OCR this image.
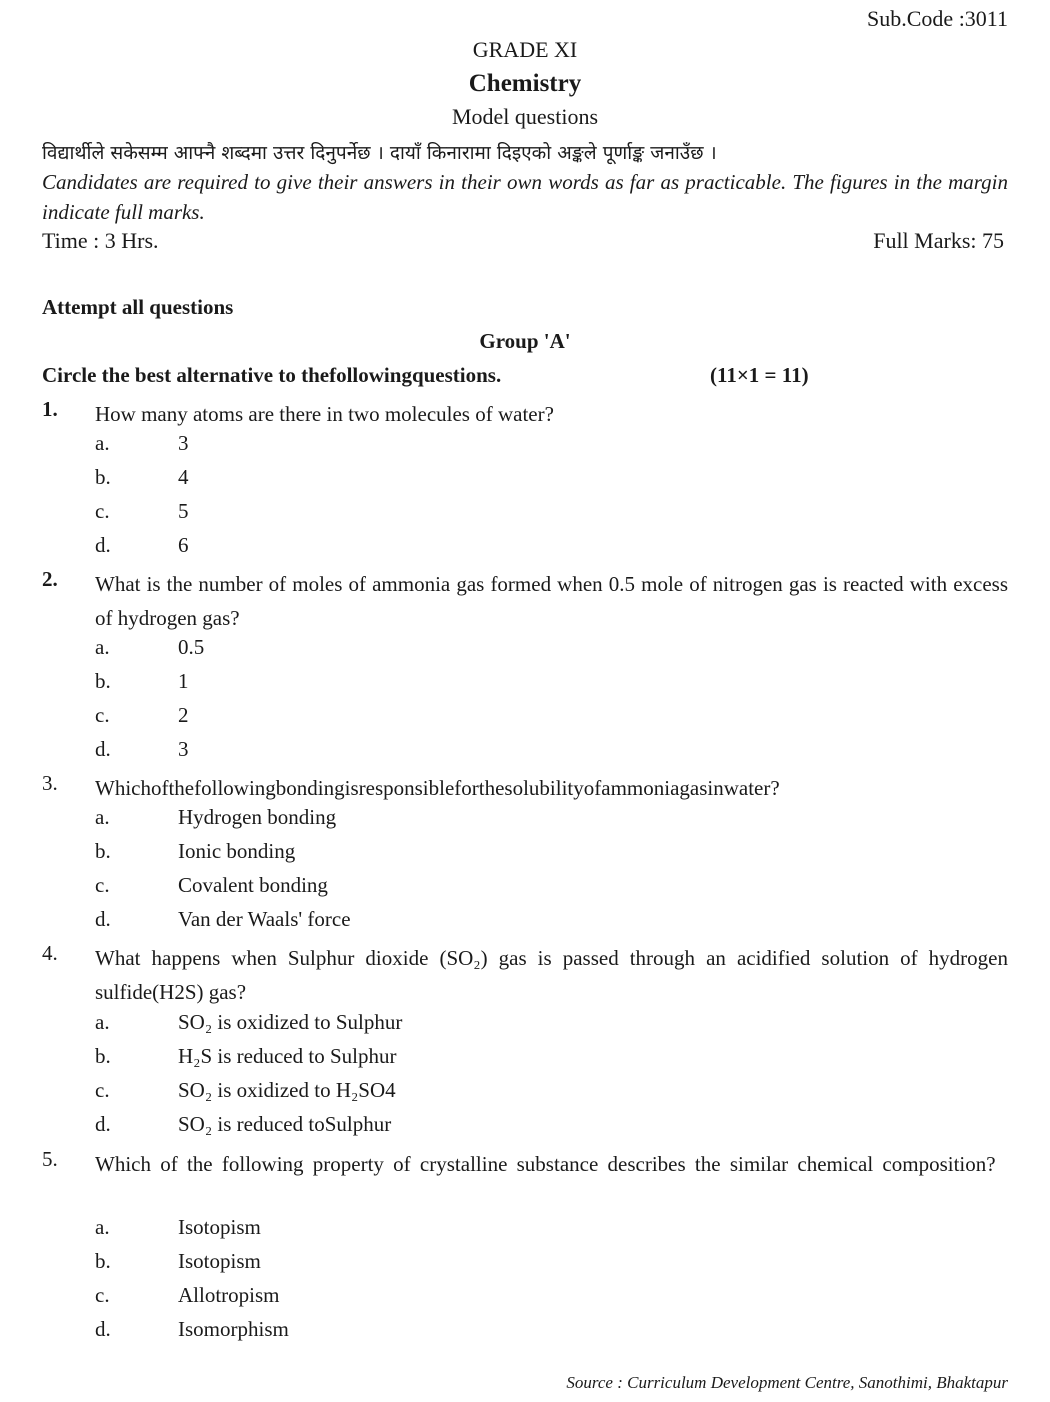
Sub.Code :3011
GRADE XI
Chemistry
Model questions
विद्यार्थीले सकेसम्म आफ्नै शब्दमा उत्तर दिनुपर्नेछ । दायाँ किनारामा दिइएको अङ्कले पूर्णाङ्क जनाउँछ ।
Candidates are required to give their answers in their own words as far as practicable. The figures in the margin indicate full marks.
Time : 3 Hrs.	Full Marks: 75
Attempt all questions
Group 'A'
Circle the best alternative to thefollowingquestions.	(11×1 = 11)
1. How many atoms are there in two molecules of water?
a.	3
b.	4
c.	5
d.	6
2. What is the number of moles of ammonia gas formed when 0.5 mole of nitrogen gas is reacted with excess of hydrogen gas?
a.	0.5
b.	1
c.	2
d.	3
3. Whichofthefollowingbondingisresponsibleforthesolubilityofammoniagasinwater?
a.	Hydrogen bonding
b.	Ionic bonding
c.	Covalent bonding
d.	Van der Waals' force
4. What happens when Sulphur dioxide (SO₂) gas is passed through an acidified solution of hydrogen sulfide(H2S) gas?
a.	SO₂ is oxidized to Sulphur
b.	H₂S is reduced to Sulphur
c.	SO₂ is oxidized to H₂SO4
d.	SO₂ is reduced toSulphur
5. Which of the following property of crystalline substance describes the similar chemical composition?
a.	Isotopism
b.	Isotopism
c.	Allotropism
d.	Isomorphism
Source : Curriculum Development Centre, Sanothimi, Bhaktapur
